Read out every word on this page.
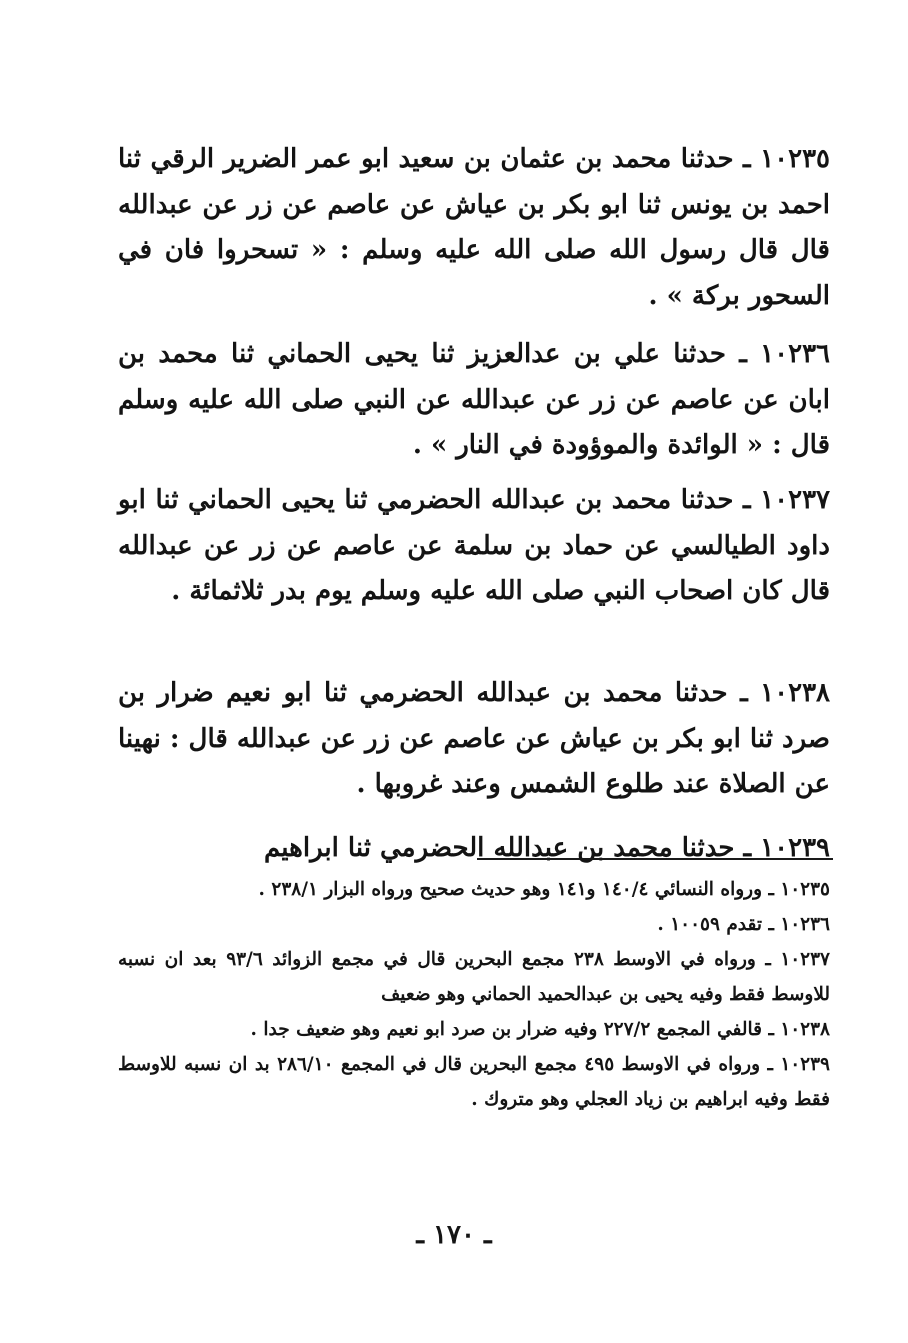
١٠٢٣٥ ـ حدثنا محمد بن عثمان بن سعيد ابو عمر الضرير الرقي ثنا احمد بن يونس ثنا ابو بكر بن عياش عن عاصم عن زر عن عبدالله قال قال رسول الله صلى الله عليه وسلم : « تسحروا فان في السحور بركة » .

١٠٢٣٦ ـ حدثنا علي بن عدالعزيز ثنا يحيى الحماني ثنا محمد بن ابان عن عاصم عن زر عن عبدالله عن النبي صلى الله عليه وسلم قال : « الوائدة والموؤودة في النار » .

١٠٢٣٧ ـ حدثنا محمد بن عبدالله الحضرمي ثنا يحيى الحماني ثنا ابو داود الطيالسي عن حماد بن سلمة عن عاصم عن زر عن عبدالله قال كان اصحاب النبي صلى الله عليه وسلم يوم بدر ثلاثمائة .

١٠٢٣٨ ـ حدثنا محمد بن عبدالله الحضرمي ثنا ابو نعيم ضرار بن صرد ثنا ابو بكر بن عياش عن عاصم عن زر عن عبدالله قال : نهينا عن الصلاة عند طلوع الشمس وعند غروبها .

١٠٢٣٩ ـ حدثنا محمد بن عبدالله الحضرمي ثنا ابراهيم

١٠٢٣٥ ـ ورواه النسائي ١٤٠/٤ و١٤١ وهو حديث صحيح ورواه البزار ٢٣٨/١ .

١٠٢٣٦ ـ تقدم ١٠٠٥٩ .

١٠٢٣٧ ـ ورواه في الاوسط ٢٣٨ مجمع البحرين قال في مجمع الزوائد ٩٣/٦ بعد ان نسبه للاوسط فقط وفيه يحيى بن عبدالحميد الحماني وهو ضعيف

١٠٢٣٨ ـ قالفي المجمع ٢٢٧/٢ وفيه ضرار بن صرد ابو نعيم وهو ضعيف جدا .

١٠٢٣٩ ـ ورواه في الاوسط ٤٩٥ مجمع البحرين قال في المجمع ٢٨٦/١٠ بد ان نسبه للاوسط فقط وفيه ابراهيم بن زياد العجلي وهو متروك .

ـ ١٧٠ ـ
